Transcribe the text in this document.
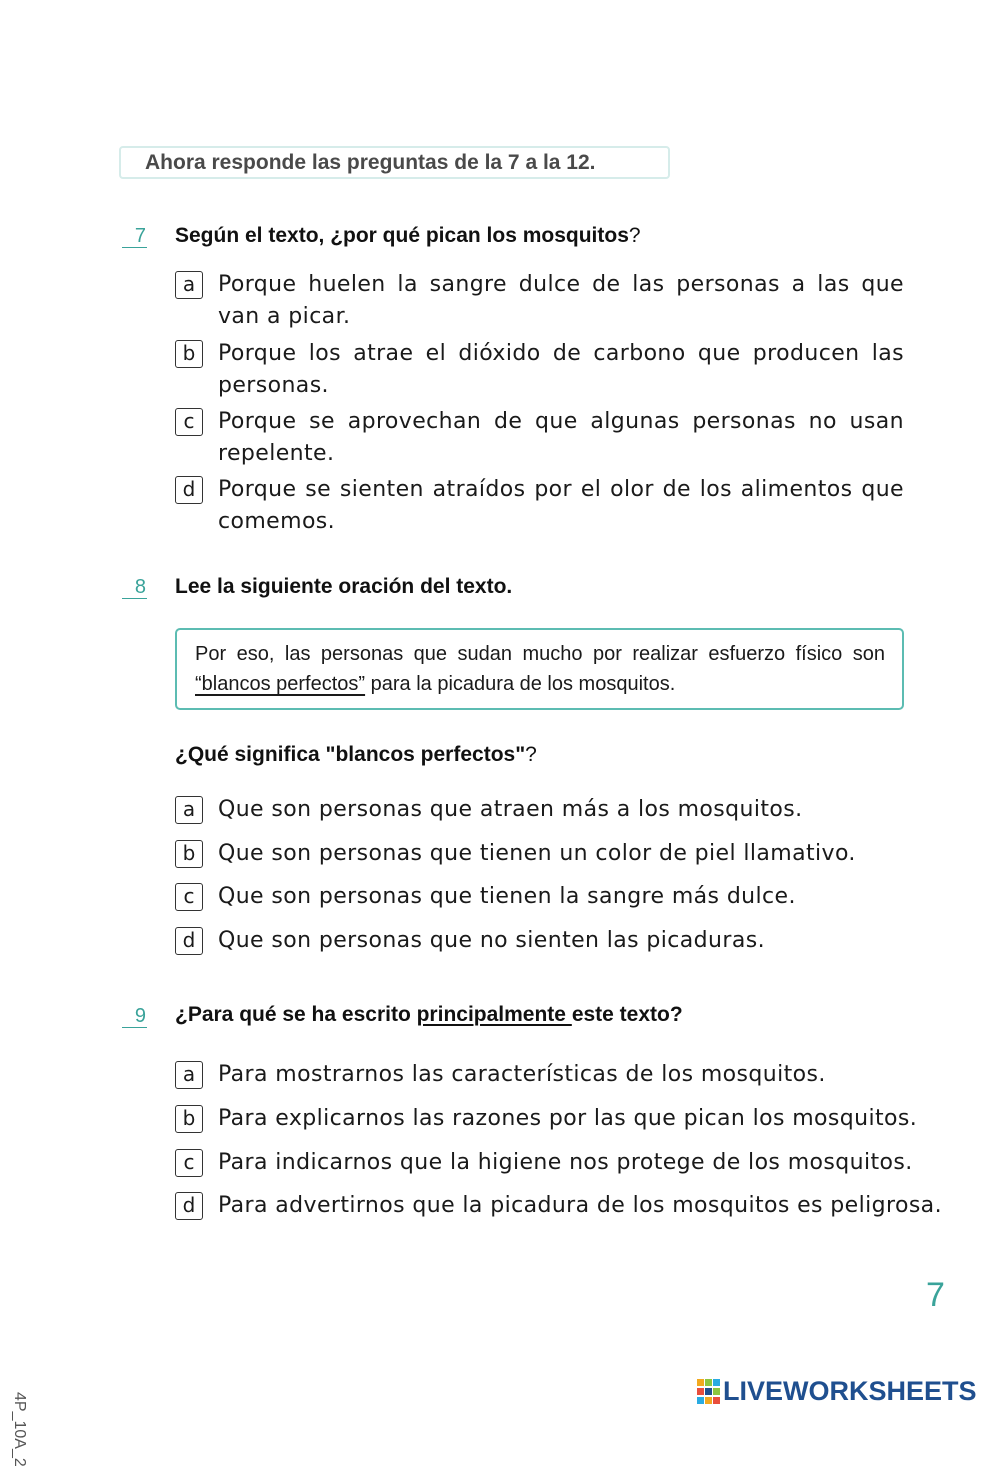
Ahora responde las preguntas de la 7 a la 12.
7 Según el texto, ¿por qué pican los mosquitos?
a	Porque huelen la sangre dulce de las personas a las que van a picar.
b	Porque los atrae el dióxido de carbono que producen las personas.
c	Porque se aprovechan de que algunas personas no usan repelente.
d	Porque se sienten atraídos por el olor de los alimentos que comemos.
8 Lee la siguiente oración del texto.
Por eso, las personas que sudan mucho por realizar esfuerzo físico son “blancos perfectos” para la picadura de los mosquitos.
¿Qué significa "blancos perfectos"?
a	Que son personas que atraen más a los mosquitos.
b	Que son personas que tienen un color de piel llamativo.
c	Que son personas que tienen la sangre más dulce.
d	Que son personas que no sienten las picaduras.
9 ¿Para qué se ha escrito principalmente este texto?
a	Para mostrarnos las características de los mosquitos.
b	Para explicarnos las razones por las que pican los mosquitos.
c	Para indicarnos que la higiene nos protege de los mosquitos.
d	Para advertirnos que la picadura de los mosquitos es peligrosa.
7
4P_10A_2
LIVEWORKSHEETS
